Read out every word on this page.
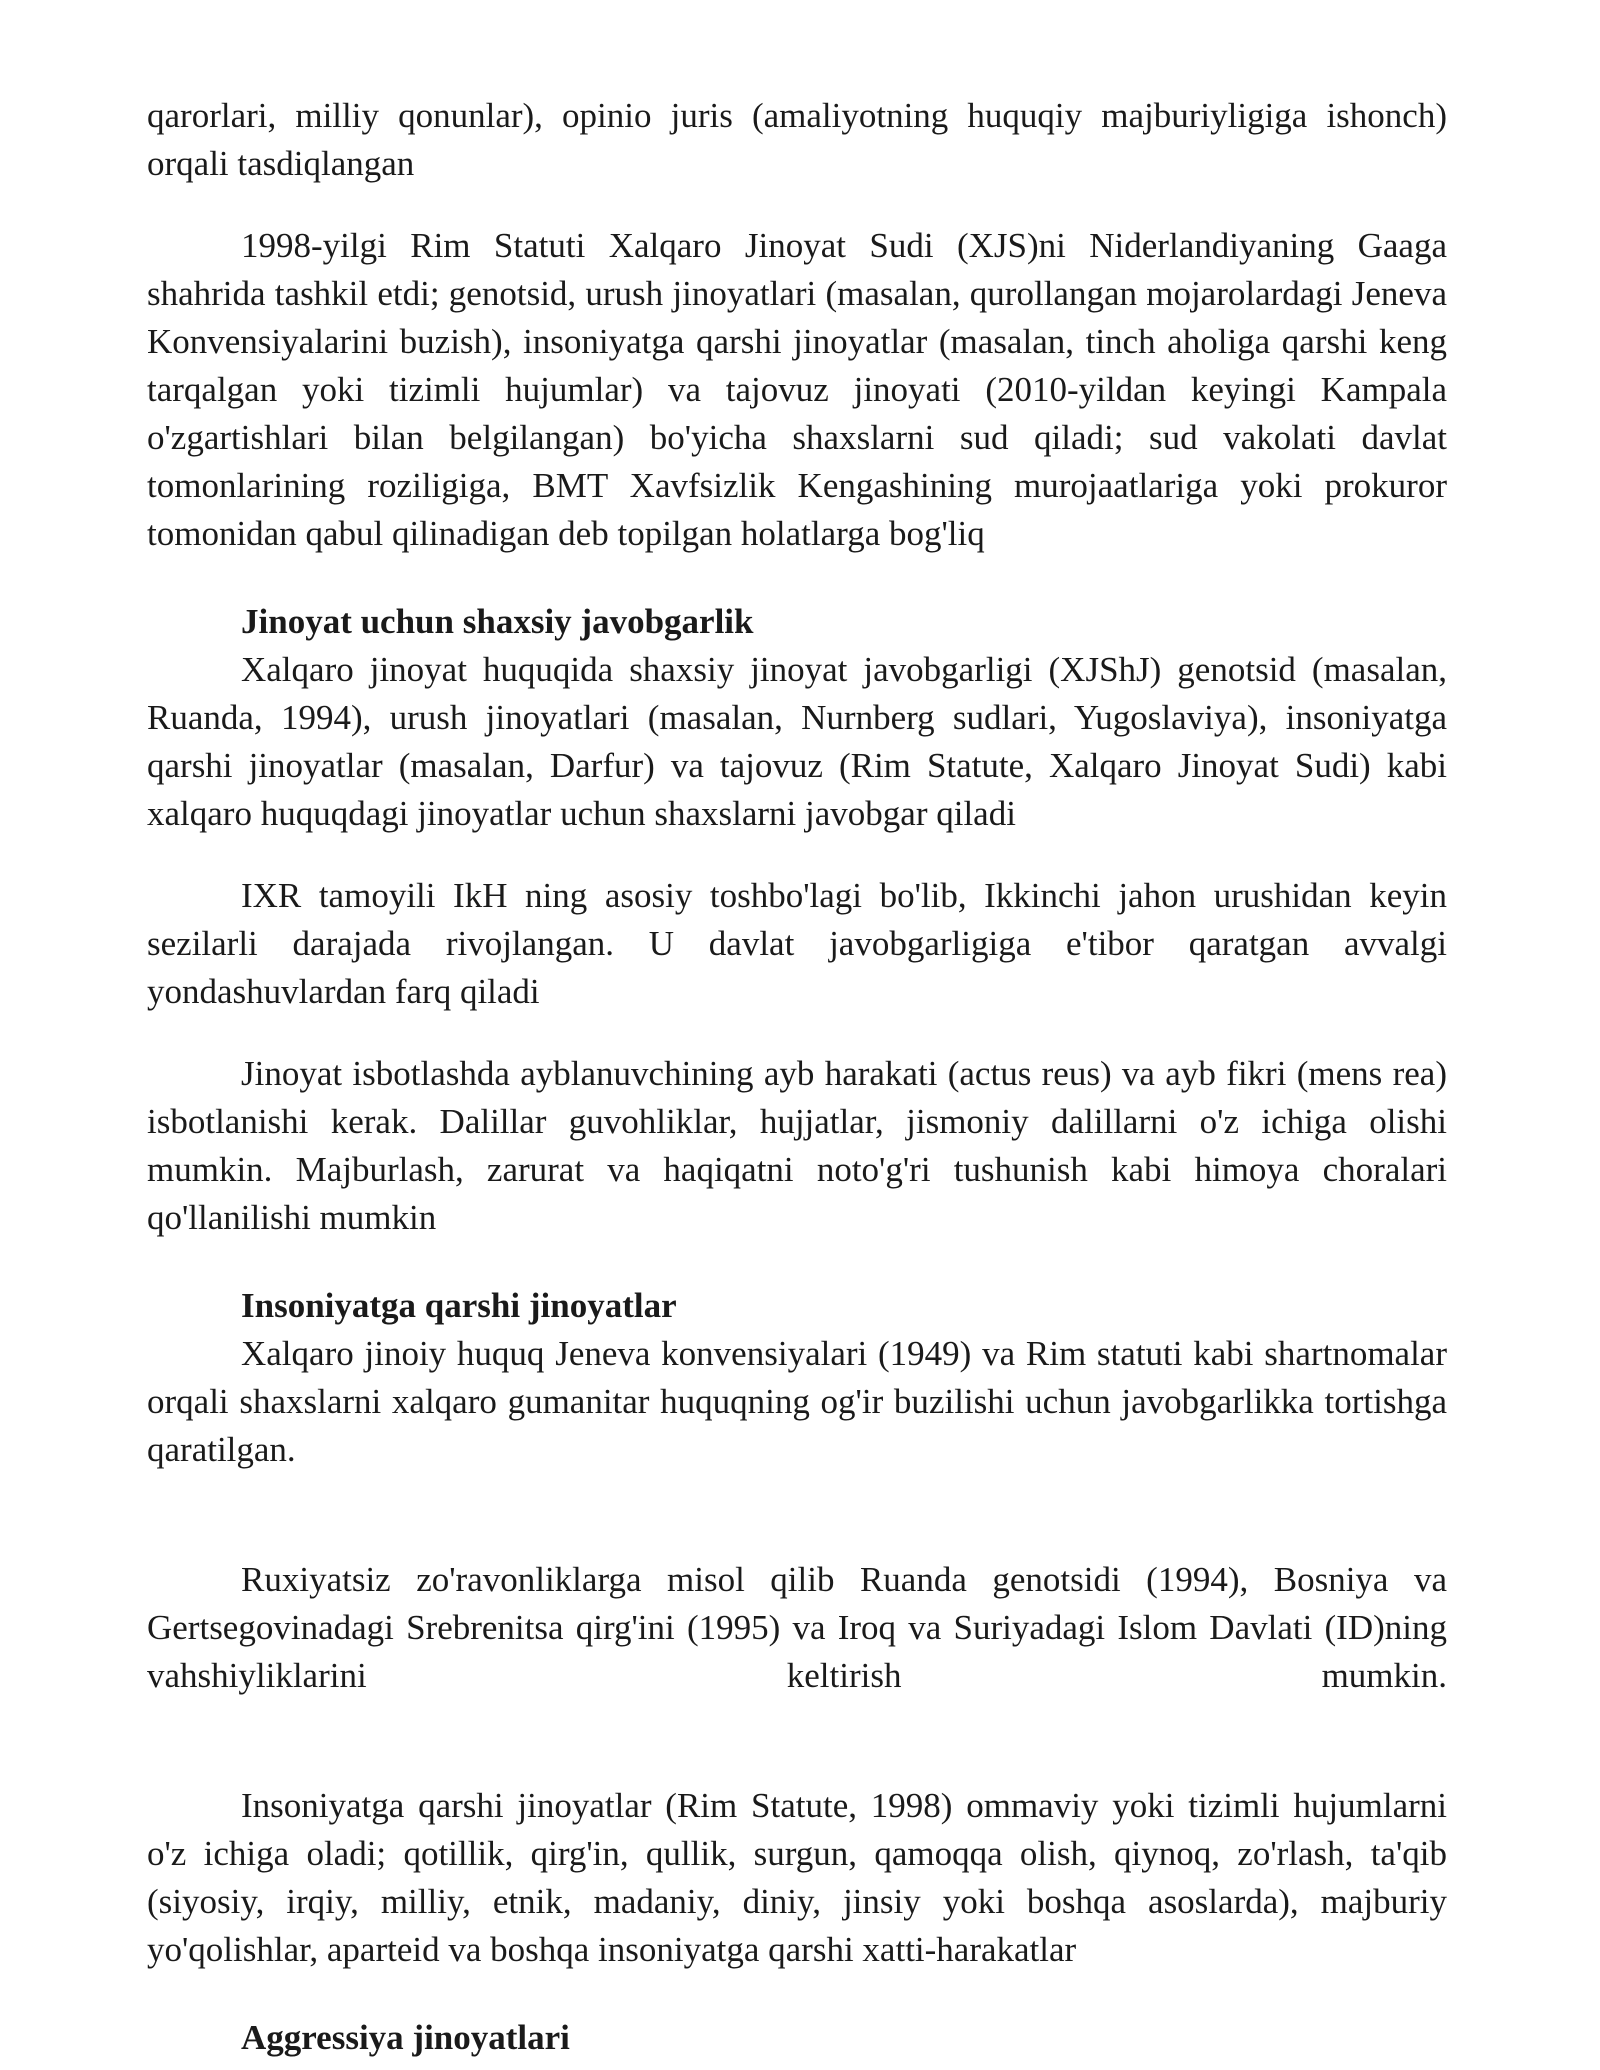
qarorlari, milliy qonunlar), opinio juris (amaliyotning huquqiy majburiyligiga ishonch) orqali tasdiqlangan

1998-yilgi Rim Statuti Xalqaro Jinoyat Sudi (XJS)ni Niderlandiyaning Gaaga shahrida tashkil etdi; genotsid, urush jinoyatlari (masalan, qurollangan mojarolardagi Jeneva Konvensiyalarini buzish), insoniyatga qarshi jinoyatlar (masalan, tinch aholiga qarshi keng tarqalgan yoki tizimli hujumlar) va tajovuz jinoyati (2010-yildan keyingi Kampala o'zgartishlari bilan belgilangan) bo'yicha shaxslarni sud qiladi; sud vakolati davlat tomonlarining roziligiga, BMT Xavfsizlik Kengashining murojaatlariga yoki prokuror tomonidan qabul qilinadigan deb topilgan holatlarga bog'liq

Jinoyat uchun shaxsiy javobgarlik

Xalqaro jinoyat huquqida shaxsiy jinoyat javobgarligi (XJShJ) genotsid (masalan, Ruanda, 1994), urush jinoyatlari (masalan, Nurnberg sudlari, Yugoslaviya), insoniyatga qarshi jinoyatlar (masalan, Darfur) va tajovuz (Rim Statute, Xalqaro Jinoyat Sudi) kabi xalqaro huquqdagi jinoyatlar uchun shaxslarni javobgar qiladi

IXR tamoyili IkH ning asosiy toshbo'lagi bo'lib, Ikkinchi jahon urushidan keyin sezilarli darajada rivojlangan. U davlat javobgarligiga e'tibor qaratgan avvalgi yondashuvlardan farq qiladi

Jinoyat isbotlashda ayblanuvchining ayb harakati (actus reus) va ayb fikri (mens rea) isbotlanishi kerak. Dalillar guvohliklar, hujjatlar, jismoniy dalillarni o'z ichiga olishi mumkin. Majburlash, zarurat va haqiqatni noto'g'ri tushunish kabi himoya choralari qo'llanilishi mumkin

Insoniyatga qarshi jinoyatlar

Xalqaro jinoiy huquq Jeneva konvensiyalari (1949) va Rim statuti kabi shartnomalar orqali shaxslarni xalqaro gumanitar huquqning og'ir buzilishi uchun javobgarlikka tortishga qaratilgan.

Ruxiyatsiz zo'ravonliklarga misol qilib Ruanda genotsidi (1994), Bosniya va Gertsegovinadagi Srebrenitsa qirg'ini (1995) va Iroq va Suriyadagi Islom Davlati (ID)ning vahshiyliklarini keltirish mumkin.

Insoniyatga qarshi jinoyatlar (Rim Statute, 1998) ommaviy yoki tizimli hujumlarni o'z ichiga oladi; qotillik, qirg'in, qullik, surgun, qamoqqa olish, qiynoq, zo'rlash, ta'qib (siyosiy, irqiy, milliy, etnik, madaniy, diniy, jinsiy yoki boshqa asoslarda), majburiy yo'qolishlar, aparteid va boshqa insoniyatga qarshi xatti-harakatlar

Aggressiya jinoyatlari
